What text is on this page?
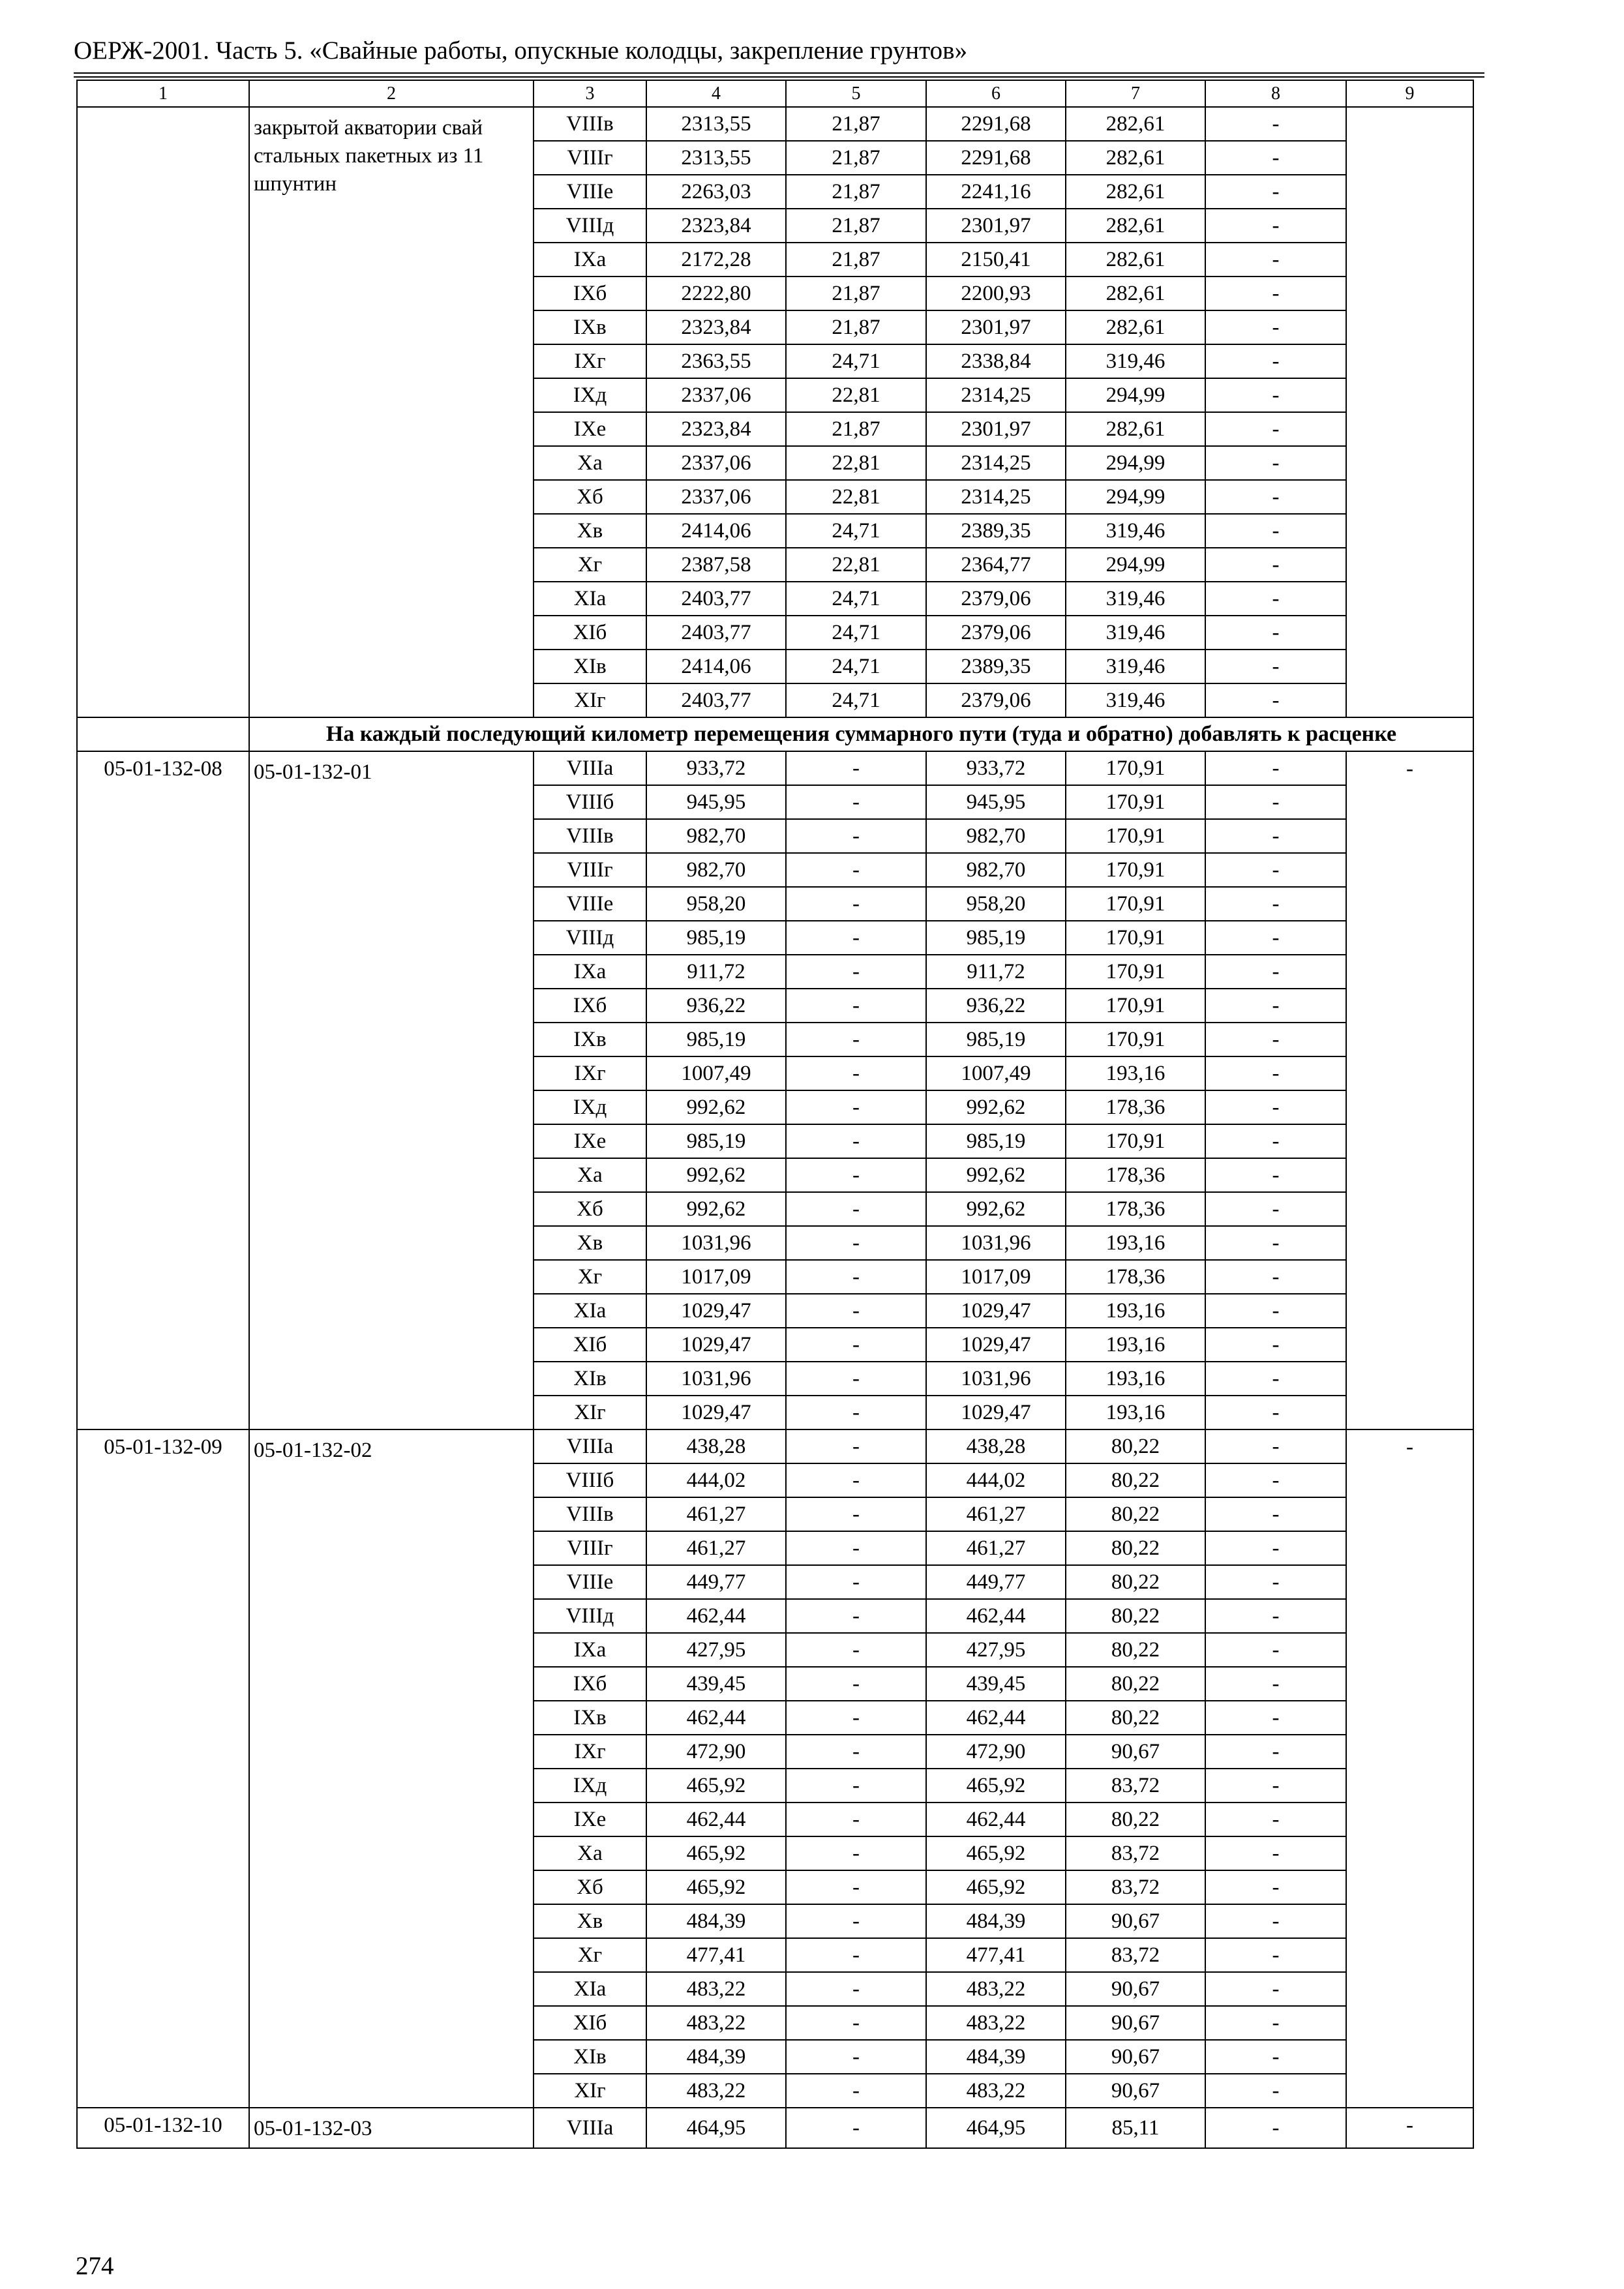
ОЕРЖ-2001. Часть 5. «Свайные работы, опускные колодцы, закрепление грунтов»
1	2	3	4	5	6	7	8	9
	закрытой акватории свай стальных пакетных из 11 шпунтин	VIIIв	2313,55	21,87	2291,68	282,61	-	
		VIIIг	2313,55	21,87	2291,68	282,61	-	
		VIIIе	2263,03	21,87	2241,16	282,61	-	
		VIIIд	2323,84	21,87	2301,97	282,61	-	
		IXа	2172,28	21,87	2150,41	282,61	-	
		IXб	2222,80	21,87	2200,93	282,61	-	
		IXв	2323,84	21,87	2301,97	282,61	-	
		IXг	2363,55	24,71	2338,84	319,46	-	
		IXд	2337,06	22,81	2314,25	294,99	-	
		IXе	2323,84	21,87	2301,97	282,61	-	
		Xа	2337,06	22,81	2314,25	294,99	-	
		Xб	2337,06	22,81	2314,25	294,99	-	
		Xв	2414,06	24,71	2389,35	319,46	-	
		Xг	2387,58	22,81	2364,77	294,99	-	
		XIа	2403,77	24,71	2379,06	319,46	-	
		XIб	2403,77	24,71	2379,06	319,46	-	
		XIв	2414,06	24,71	2389,35	319,46	-	
		XIг	2403,77	24,71	2379,06	319,46	-	
	На каждый последующий километр перемещения суммарного пути (туда и обратно) добавлять к расценке							
05-01-132-08	05-01-132-01	VIIIа	933,72	-	933,72	170,91	-	-
		VIIIб	945,95	-	945,95	170,91	-	
		VIIIв	982,70	-	982,70	170,91	-	
		VIIIг	982,70	-	982,70	170,91	-	
		VIIIе	958,20	-	958,20	170,91	-	
		VIIIд	985,19	-	985,19	170,91	-	
		IXа	911,72	-	911,72	170,91	-	
		IXб	936,22	-	936,22	170,91	-	
		IXв	985,19	-	985,19	170,91	-	
		IXг	1007,49	-	1007,49	193,16	-	
		IXд	992,62	-	992,62	178,36	-	
		IXе	985,19	-	985,19	170,91	-	
		Xа	992,62	-	992,62	178,36	-	
		Xб	992,62	-	992,62	178,36	-	
		Xв	1031,96	-	1031,96	193,16	-	
		Xг	1017,09	-	1017,09	178,36	-	
		XIа	1029,47	-	1029,47	193,16	-	
		XIб	1029,47	-	1029,47	193,16	-	
		XIв	1031,96	-	1031,96	193,16	-	
		XIг	1029,47	-	1029,47	193,16	-	
05-01-132-09	05-01-132-02	VIIIа	438,28	-	438,28	80,22	-	-
		VIIIб	444,02	-	444,02	80,22	-	
		VIIIв	461,27	-	461,27	80,22	-	
		VIIIг	461,27	-	461,27	80,22	-	
		VIIIе	449,77	-	449,77	80,22	-	
		VIIIд	462,44	-	462,44	80,22	-	
		IXа	427,95	-	427,95	80,22	-	
		IXб	439,45	-	439,45	80,22	-	
		IXв	462,44	-	462,44	80,22	-	
		IXг	472,90	-	472,90	90,67	-	
		IXд	465,92	-	465,92	83,72	-	
		IXе	462,44	-	462,44	80,22	-	
		Xа	465,92	-	465,92	83,72	-	
		Xб	465,92	-	465,92	83,72	-	
		Xв	484,39	-	484,39	90,67	-	
		Xг	477,41	-	477,41	83,72	-	
		XIа	483,22	-	483,22	90,67	-	
		XIб	483,22	-	483,22	90,67	-	
		XIв	484,39	-	484,39	90,67	-	
		XIг	483,22	-	483,22	90,67	-	
05-01-132-10	05-01-132-03	VIIIа	464,95	-	464,95	85,11	-	-
274
